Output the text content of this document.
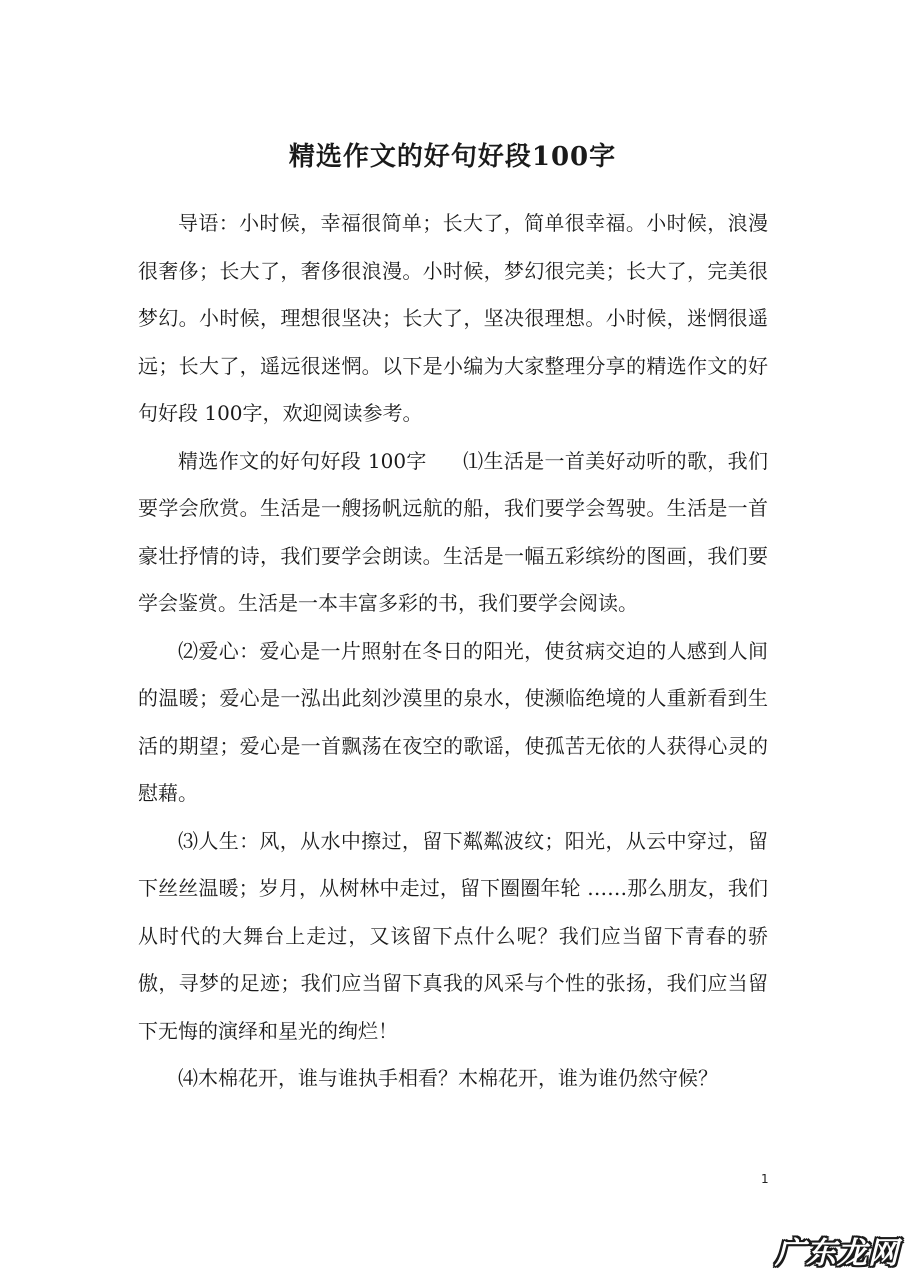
精选作文的好句好段100字

导语：小时候，幸福很简单；长大了，简单很幸福。小时候，浪漫很奢侈；长大了，奢侈很浪漫。小时候，梦幻很完美；长大了，完美很梦幻。小时候，理想很坚决；长大了，坚决很理想。小时候，迷惘很遥远；长大了，遥远很迷惘。以下是小编为大家整理分享的精选作文的好句好段 100字，欢迎阅读参考。

精选作文的好句好段 100字 ⑴生活是一首美好动听的歌，我们要学会欣赏。生活是一艘扬帆远航的船，我们要学会驾驶。生活是一首豪壮抒情的诗，我们要学会朗读。生活是一幅五彩缤纷的图画，我们要学会鉴赏。生活是一本丰富多彩的书，我们要学会阅读。

⑵爱心：爱心是一片照射在冬日的阳光，使贫病交迫的人感到人间的温暖；爱心是一泓出此刻沙漠里的泉水，使濒临绝境的人重新看到生活的期望；爱心是一首飘荡在夜空的歌谣，使孤苦无依的人获得心灵的慰藉。

⑶人生：风，从水中擦过，留下粼粼波纹；阳光，从云中穿过，留下丝丝温暖；岁月，从树林中走过，留下圈圈年轮 ……那么朋友，我们从时代的大舞台上走过，又该留下点什么呢？我们应当留下青春的骄傲，寻梦的足迹；我们应当留下真我的风采与个性的张扬，我们应当留下无悔的演绎和星光的绚烂！

⑷木棉花开，谁与谁执手相看？木棉花开，谁为谁仍然守候？

1
广东龙网
